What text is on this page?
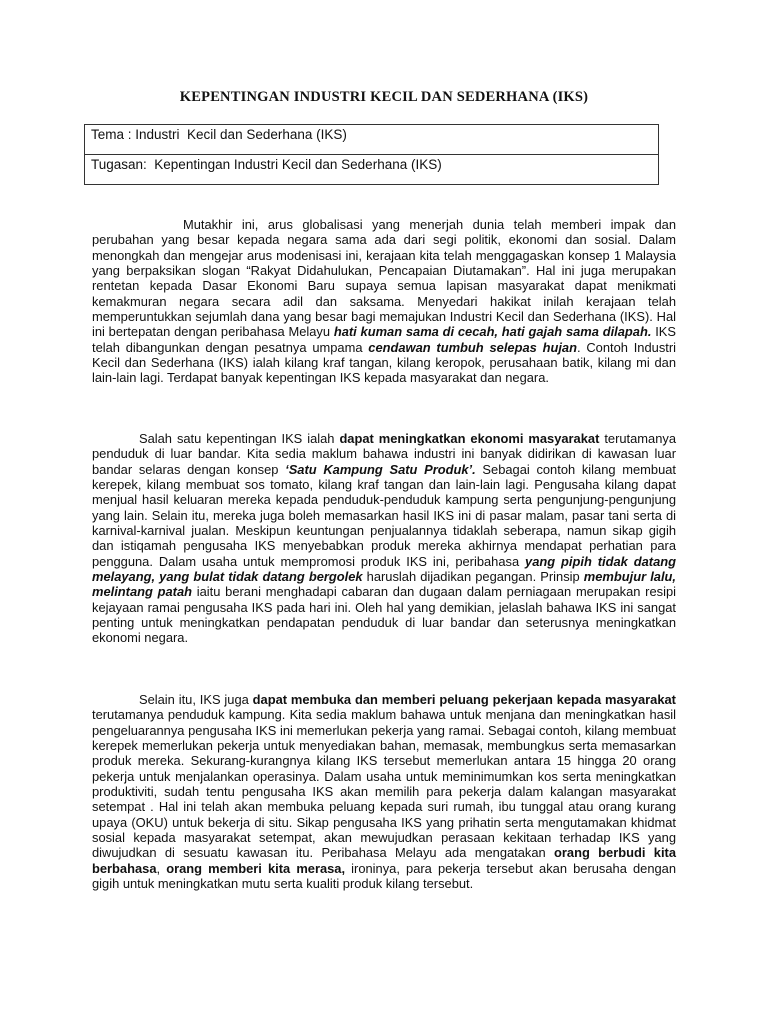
KEPENTINGAN INDUSTRI KECIL DAN SEDERHANA (IKS)
Tema : Industri  Kecil dan Sederhana (IKS)
Tugasan:  Kepentingan Industri Kecil dan Sederhana (IKS)

Mutakhir ini, arus globalisasi yang menerjah dunia telah memberi impak dan perubahan yang besar kepada negara sama ada dari segi politik, ekonomi dan sosial. Dalam menongkah dan mengejar arus modenisasi ini, kerajaan kita telah menggagaskan konsep 1 Malaysia yang berpaksikan slogan “Rakyat Didahulukan, Pencapaian Diutamakan”. Hal ini juga merupakan rentetan kepada Dasar Ekonomi Baru supaya semua lapisan masyarakat dapat menikmati kemakmuran negara secara adil dan saksama. Menyedari hakikat inilah kerajaan telah memperuntukkan sejumlah dana yang besar bagi memajukan Industri Kecil dan Sederhana (IKS). Hal ini bertepatan dengan peribahasa Melayu hati kuman sama di cecah, hati gajah sama dilapah. IKS telah dibangunkan dengan pesatnya umpama cendawan tumbuh selepas hujan. Contoh Industri Kecil dan Sederhana (IKS) ialah kilang kraf tangan, kilang keropok, perusahaan batik, kilang mi dan lain-lain lagi. Terdapat banyak kepentingan IKS kepada masyarakat dan negara.

Salah satu kepentingan IKS ialah dapat meningkatkan ekonomi masyarakat terutamanya penduduk di luar bandar. Kita sedia maklum bahawa industri ini banyak didirikan di kawasan luar bandar selaras dengan konsep ‘Satu Kampung Satu Produk’. Sebagai contoh kilang membuat kerepek, kilang membuat sos tomato, kilang kraf tangan dan lain-lain lagi. Pengusaha kilang dapat menjual hasil keluaran mereka kepada penduduk-penduduk kampung serta pengunjung-pengunjung yang lain. Selain itu, mereka juga boleh memasarkan hasil IKS ini di pasar malam, pasar tani serta di karnival-karnival jualan. Meskipun keuntungan penjualannya tidaklah seberapa, namun sikap gigih dan istiqamah pengusaha IKS menyebabkan produk mereka akhirnya mendapat perhatian para pengguna. Dalam usaha untuk mempromosi produk IKS ini, peribahasa yang pipih tidak datang melayang, yang bulat tidak datang bergolek haruslah dijadikan pegangan. Prinsip membujur lalu, melintang patah iaitu berani menghadapi cabaran dan dugaan dalam perniagaan merupakan resipi kejayaan ramai pengusaha IKS pada hari ini. Oleh hal yang demikian, jelaslah bahawa IKS ini sangat penting untuk meningkatkan pendapatan penduduk di luar bandar dan seterusnya meningkatkan ekonomi negara.

Selain itu, IKS juga dapat membuka dan memberi peluang pekerjaan kepada masyarakat terutamanya penduduk kampung. Kita sedia maklum bahawa untuk menjana dan meningkatkan hasil pengeluarannya pengusaha IKS ini memerlukan pekerja yang ramai. Sebagai contoh, kilang membuat kerepek memerlukan pekerja untuk menyediakan bahan, memasak, membungkus serta memasarkan produk mereka. Sekurang-kurangnya kilang IKS tersebut memerlukan antara 15 hingga 20 orang pekerja untuk menjalankan operasinya. Dalam usaha untuk meminimumkan kos serta meningkatkan produktiviti, sudah tentu pengusaha IKS akan memilih para pekerja dalam kalangan masyarakat setempat . Hal ini telah akan membuka peluang kepada suri rumah, ibu tunggal atau orang kurang upaya (OKU) untuk bekerja di situ. Sikap pengusaha IKS yang prihatin serta mengutamakan khidmat sosial kepada masyarakat setempat, akan mewujudkan perasaan kekitaan terhadap IKS yang diwujudkan di sesuatu kawasan itu. Peribahasa Melayu ada mengatakan orang berbudi kita berbahasa, orang memberi kita merasa, ironinya, para pekerja tersebut akan berusaha dengan gigih untuk meningkatkan mutu serta kualiti produk kilang tersebut.
